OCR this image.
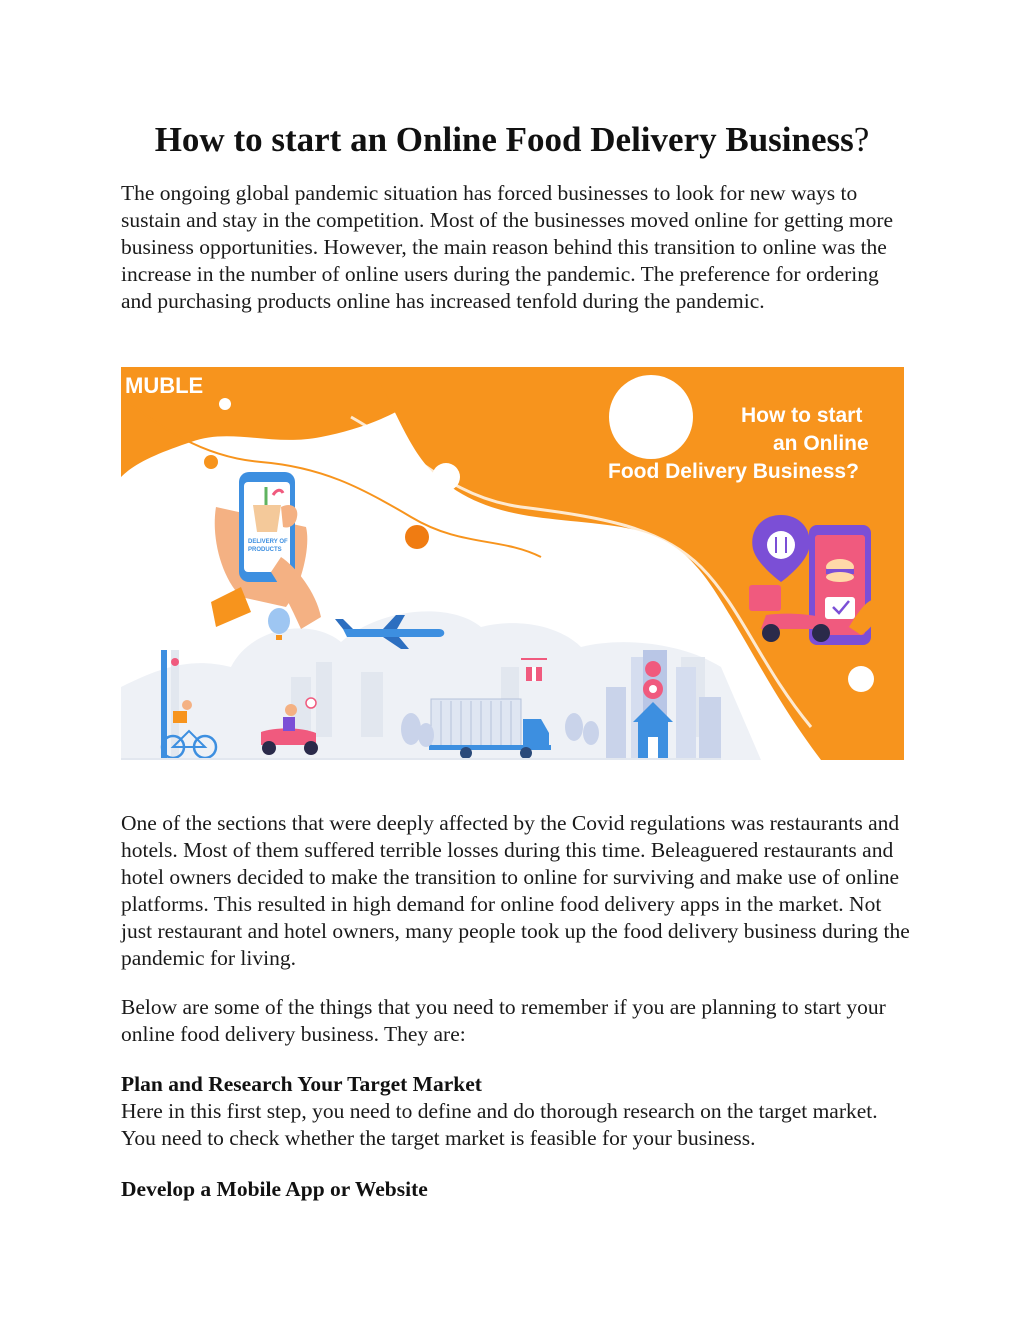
How to start an Online Food Delivery Business?

The ongoing global pandemic situation has forced businesses to look for new ways to sustain and stay in the competition. Most of the businesses moved online for getting more business opportunities. However, the main reason behind this transition to online was the increase in the number of online users during the pandemic. The preference for ordering and purchasing products online has increased tenfold during the pandemic.

MUBLE
How to start
an Online
Food Delivery Business?
DELIVERY OF
PRODUCTS

One of the sections that were deeply affected by the Covid regulations was restaurants and hotels. Most of them suffered terrible losses during this time. Beleaguered restaurants and hotel owners decided to make the transition to online for surviving and make use of online platforms. This resulted in high demand for online food delivery apps in the market. Not just restaurant and hotel owners, many people took up the food delivery business during the pandemic for living.

Below are some of the things that you need to remember if you are planning to start your online food delivery business. They are:

Plan and Research Your Target Market

Here in this first step, you need to define and do thorough research on the target market. You need to check whether the target market is feasible for your business.

Develop a Mobile App or Website
